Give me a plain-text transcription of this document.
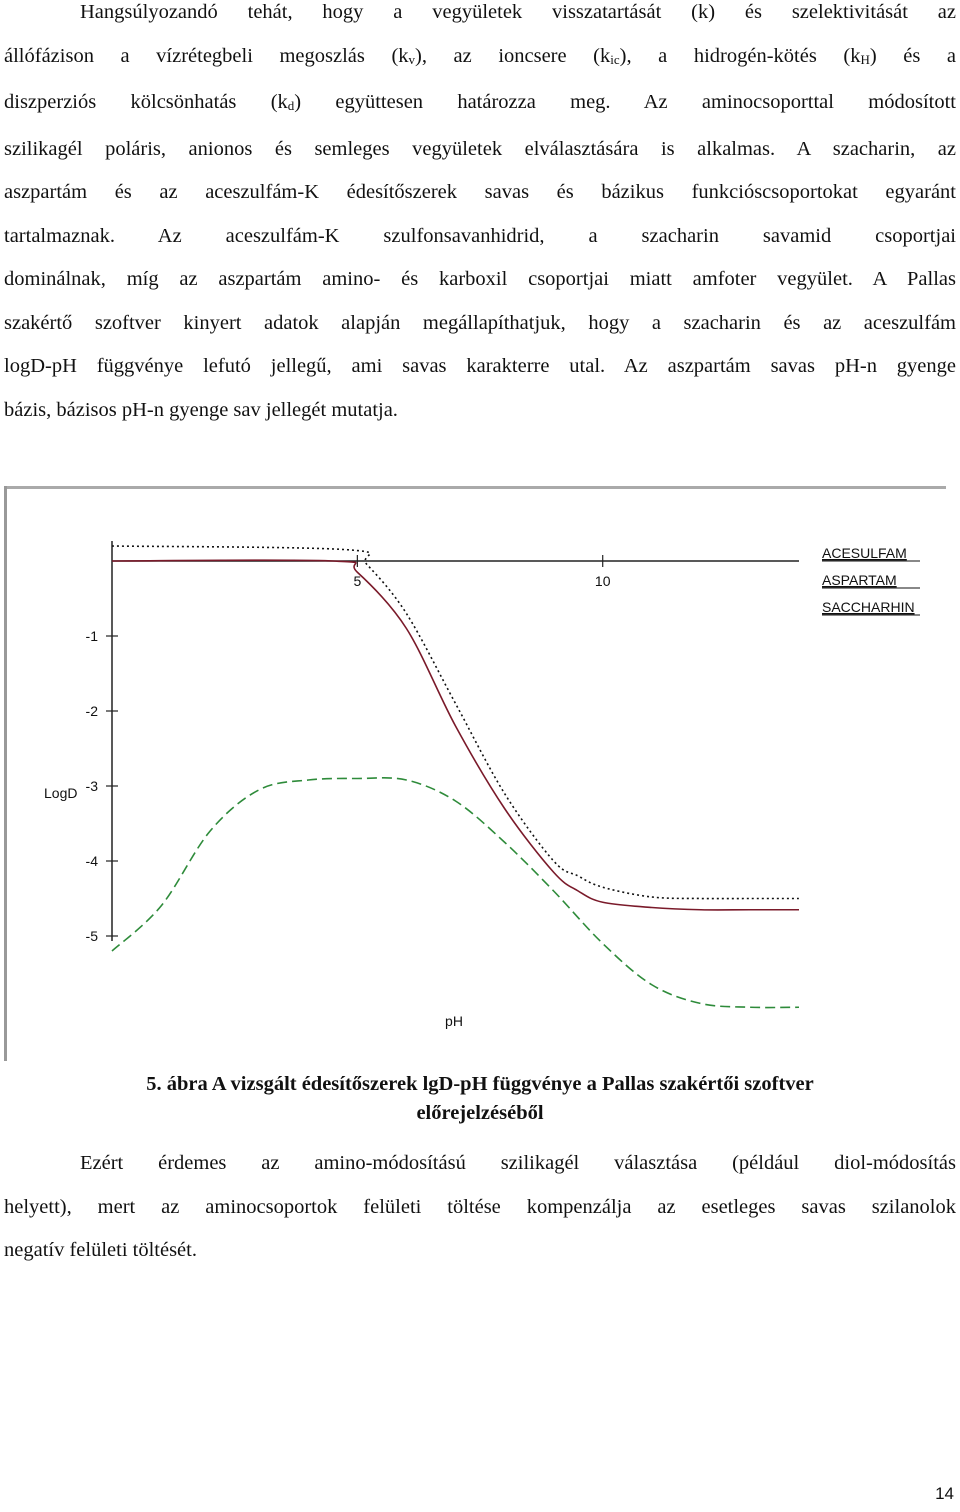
Hangsúlyozandó tehát, hogy a vegyületek visszatartását (k) és szelektivitását az
állófázison a vízrétegbeli megoszlás $(k_v)$, az ioncsere $(k_{ic})$, a hidrogén-kötés $(k_H)$ és a
diszperziós kölcsönhatás $(k_d)$ együttesen határozza meg. Az aminocsoporttal módosított
szilikagél poláris, anionos és semleges vegyületek elválasztására is alkalmas. A szacharin, az
aszpartám és az aceszulfám-K édesítőszerek savas és bázikus funkcióscsoportokat egyaránt
tartalmaznak. Az aceszulfám-K szulfonsavanhidrid, a szacharin savamid csoportjai
dominálnak, míg az aszpartám amino- és karboxil csoportjai miatt amfoter vegyület. A Pallas
szakértő szoftver kinyert adatok alapján megállapíthatjuk, hogy a szacharin és az aceszulfám
logD-pH függvénye lefutó jellegű, ami savas karakterre utal. Az aszpartám savas pH-n gyenge
bázis, bázisos pH-n gyenge sav jellegét mutatja.
5	10
-1
-2
-3
-4
-5
LogD
pH
ACESULFAM
ASPARTAM
SACCHARHIN
5. ábra A vizsgált édesítőszerek lgD-pH függvénye a Pallas szakértői szoftver
előrejelzéséből
Ezért érdemes az amino-módosítású szilikagél választása (például diol-módosítás
helyett), mert az aminocsoportok felületi töltése kompenzálja az esetleges savas szilanolok
negatív felületi töltését.
14
